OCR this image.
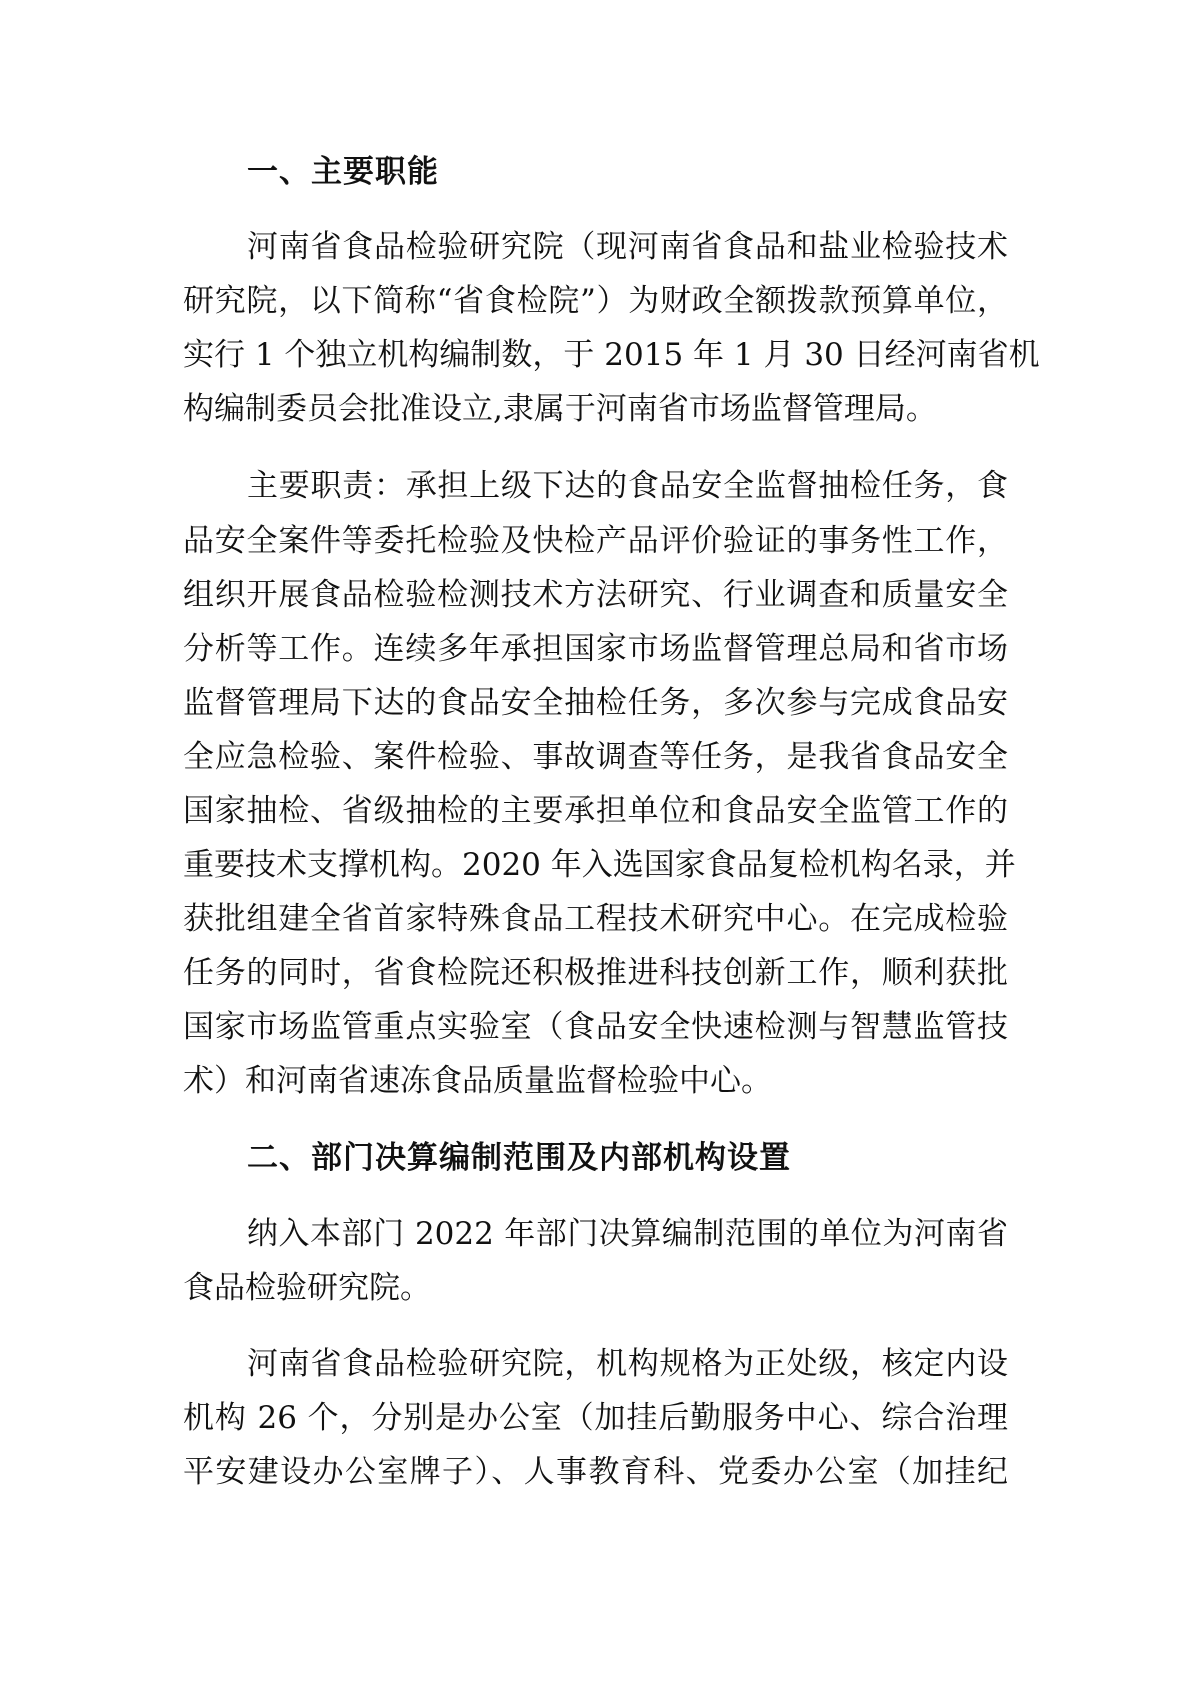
一、主要职能
河南省食品检验研究院（现河南省食品和盐业检验技术
研究院，以下简称“省食检院”）为财政全额拨款预算单位，
实行 1 个独立机构编制数，于 2015 年 1 月 30 日经河南省机
构编制委员会批准设立,隶属于河南省市场监督管理局。
主要职责：承担上级下达的食品安全监督抽检任务，食
品安全案件等委托检验及快检产品评价验证的事务性工作，
组织开展食品检验检测技术方法研究、行业调查和质量安全
分析等工作。连续多年承担国家市场监督管理总局和省市场
监督管理局下达的食品安全抽检任务，多次参与完成食品安
全应急检验、案件检验、事故调查等任务，是我省食品安全
国家抽检、省级抽检的主要承担单位和食品安全监管工作的
重要技术支撑机构。2020 年入选国家食品复检机构名录，并
获批组建全省首家特殊食品工程技术研究中心。在完成检验
任务的同时，省食检院还积极推进科技创新工作，顺利获批
国家市场监管重点实验室（食品安全快速检测与智慧监管技
术）和河南省速冻食品质量监督检验中心。
二、部门决算编制范围及内部机构设置
纳入本部门 2022 年部门决算编制范围的单位为河南省
食品检验研究院。
河南省食品检验研究院，机构规格为正处级，核定内设
机构 26 个，分别是办公室（加挂后勤服务中心、综合治理
平安建设办公室牌子）、人事教育科、党委办公室（加挂纪
